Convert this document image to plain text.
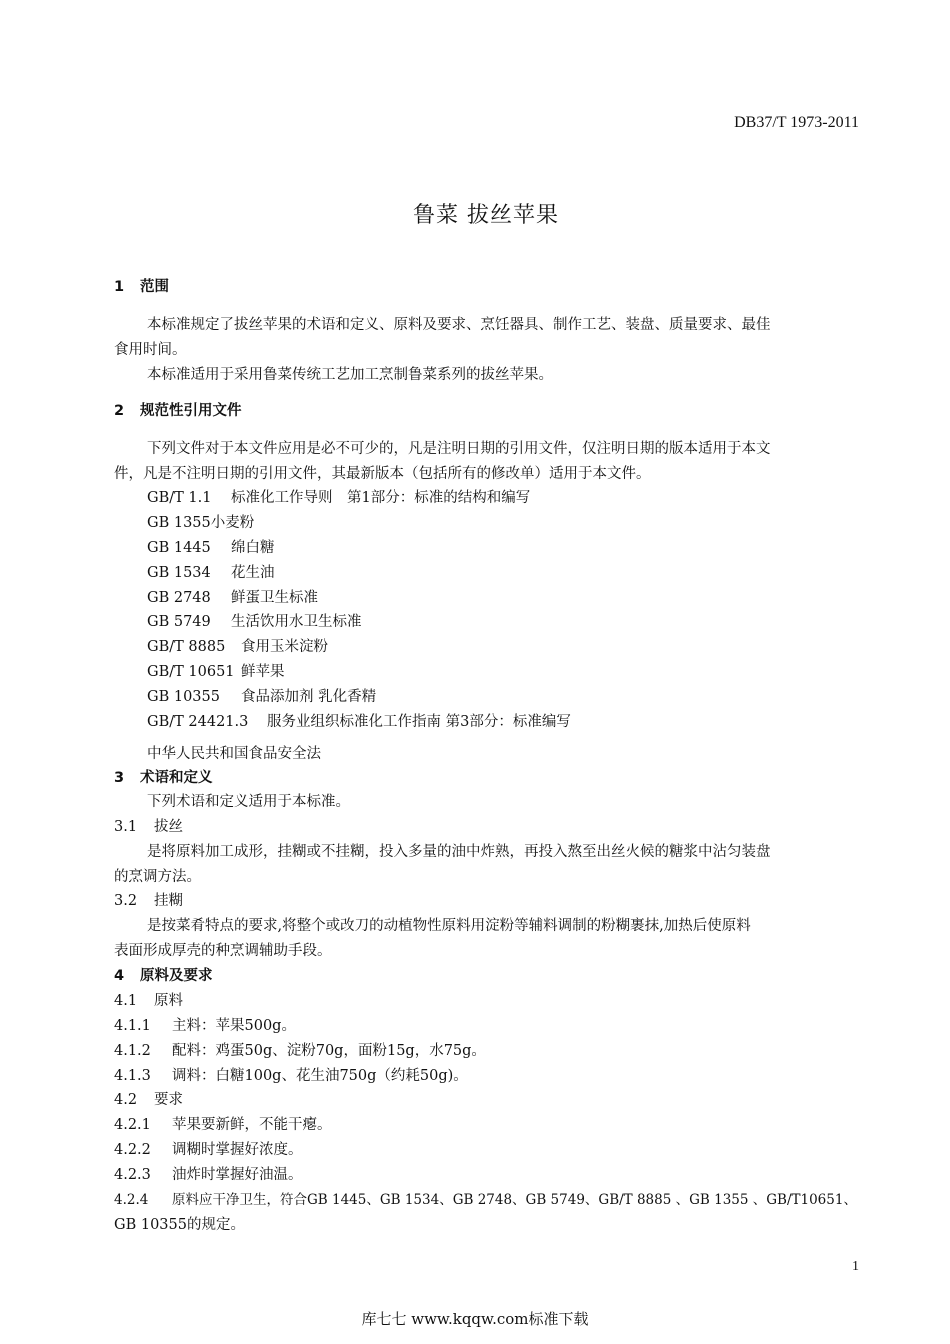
DB37/T 1973-2011
鲁菜 拔丝苹果
1 范围
本标准规定了拔丝苹果的术语和定义、原料及要求、烹饪器具、制作工艺、装盘、质量要求、最佳
食用时间。
本标准适用于采用鲁菜传统工艺加工烹制鲁菜系列的拔丝苹果。
2 规范性引用文件
下列文件对于本文件应用是必不可少的，凡是注明日期的引用文件，仅注明日期的版本适用于本文
件，凡是不注明日期的引用文件，其最新版本（包括所有的修改单）适用于本文件。
GB/T 1.1 标准化工作导则　第1部分：标准的结构和编写
GB 1355小麦粉
GB 1445 绵白糖
GB 1534 花生油
GB 2748 鲜蛋卫生标准
GB 5749 生活饮用水卫生标准
GB/T 8885 食用玉米淀粉
GB/T 10651 鲜苹果
GB 10355 食品添加剂 乳化香精
GB/T 24421.3 服务业组织标准化工作指南 第3部分：标准编写
中华人民共和国食品安全法
3 术语和定义
下列术语和定义适用于本标准。
3.1 拔丝
是将原料加工成形，挂糊或不挂糊，投入多量的油中炸熟，再投入熬至出丝火候的糖浆中沾匀装盘
的烹调方法。
3.2 挂糊
是按菜肴特点的要求,将整个或改刀的动植物性原料用淀粉等辅料调制的粉糊裹抹,加热后使原料
表面形成厚壳的种烹调辅助手段。
4 原料及要求
4.1 原料
4.1.1 主料：苹果500g。
4.1.2 配料：鸡蛋50g、淀粉70g，面粉15g，水75g。
4.1.3 调料：白糖100g、花生油750g（约耗50g)。
4.2 要求
4.2.1 苹果要新鲜，不能干瘪。
4.2.2 调糊时掌握好浓度。
4.2.3 油炸时掌握好油温。
4.2.4 原料应干净卫生，符合GB 1445、GB 1534、GB 2748、GB 5749、GB/T 8885 、GB 1355 、GB/T10651、
GB 10355的规定。
1
库七七 www.kqqw.com标准下载
